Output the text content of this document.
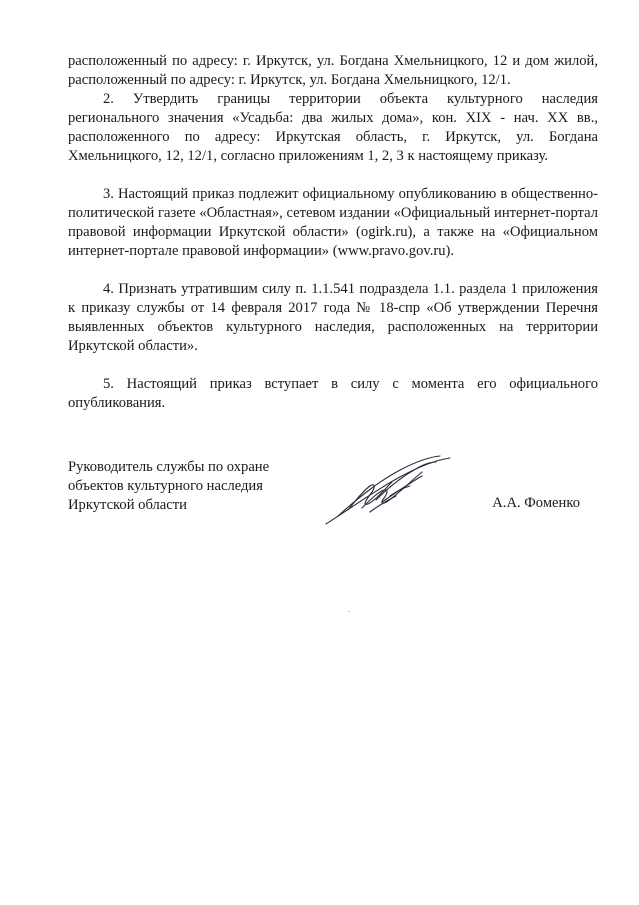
расположенный по адресу: г. Иркутск, ул. Богдана Хмельницкого, 12 и дом жилой, расположенный по адресу: г. Иркутск, ул. Богдана Хмельницкого, 12/1.

2. Утвердить границы территории объекта культурного наследия регионального значения «Усадьба: два жилых дома», кон. XIX - нач. XX вв., расположенного по адресу: Иркутская область, г. Иркутск, ул. Богдана Хмельницкого, 12, 12/1, согласно приложениям 1, 2, 3 к настоящему приказу.

3. Настоящий приказ подлежит официальному опубликованию в общественно-политической газете «Областная», сетевом издании «Официальный интернет-портал правовой информации Иркутской области» (ogirk.ru), а также на «Официальном интернет-портале правовой информации» (www.pravo.gov.ru).

4. Признать утратившим силу п. 1.1.541 подраздела 1.1. раздела 1 приложения к приказу службы от 14 февраля 2017 года № 18-спр «Об утверждении Перечня выявленных объектов культурного наследия, расположенных на территории Иркутской области».

5. Настоящий приказ вступает в силу с момента его официального опубликования.

Руководитель службы по охране
объектов культурного наследия
Иркутской области	А.А. Фоменко
